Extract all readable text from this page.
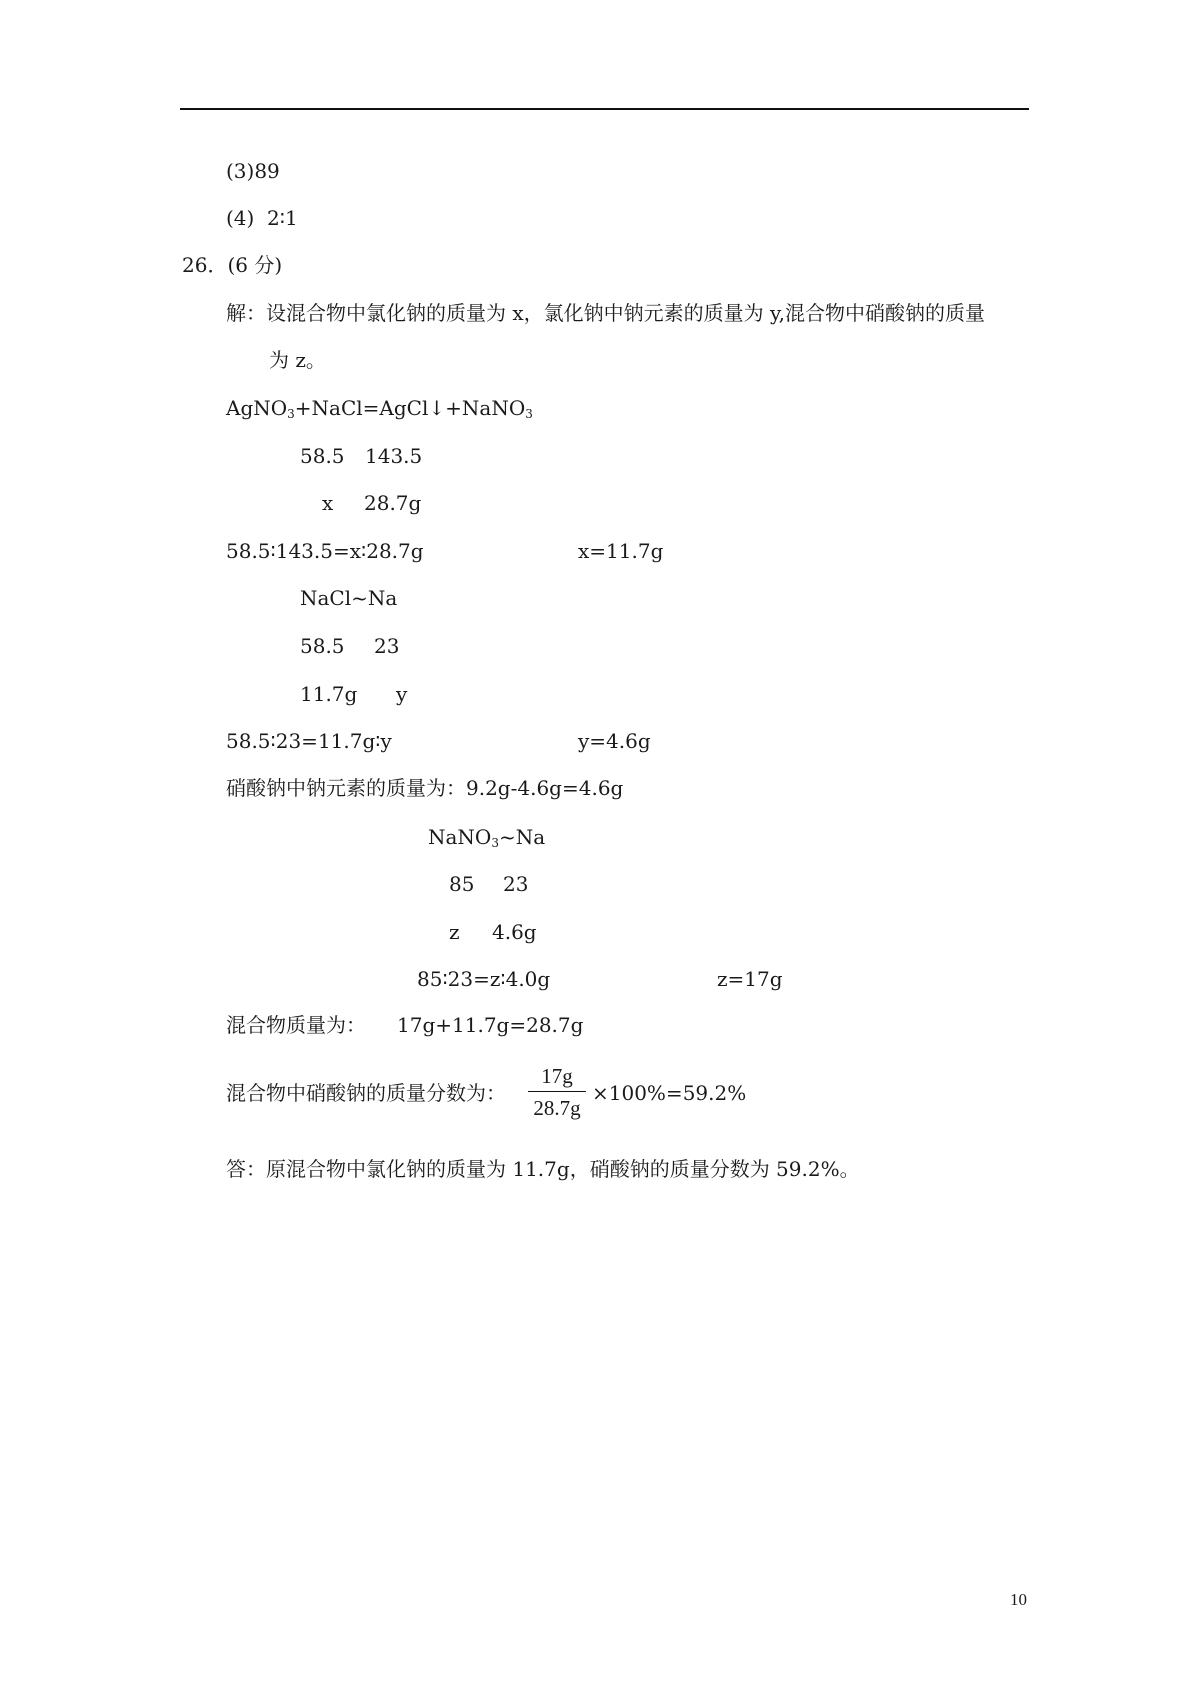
(3)89
(4)  2∶1
26．(6 分)
解：设混合物中氯化钠的质量为 x，氯化钠中钠元素的质量为 y,混合物中硝酸钠的质量
为 z。
AgNO$_3$+NaCl=AgCl↓+NaNO$_3$
58.5 143.5
x 28.7g
58.5∶143.5=x∶28.7g	x=11.7g
NaCl~Na
58.5 23
11.7g y
58.5∶23=11.7g∶y	y=4.6g
硝酸钠中钠元素的质量为：9.2g-4.6g=4.6g
NaNO$_3$~Na
85 23
z 4.6g
85∶23=z∶4.0g	z=17g
混合物质量为： 17g+11.7g=28.7g
混合物中硝酸钠的质量分数为：
17g
28.7g
×100%=59.2%
答：原混合物中氯化钠的质量为 11.7g，硝酸钠的质量分数为 59.2%。
10
